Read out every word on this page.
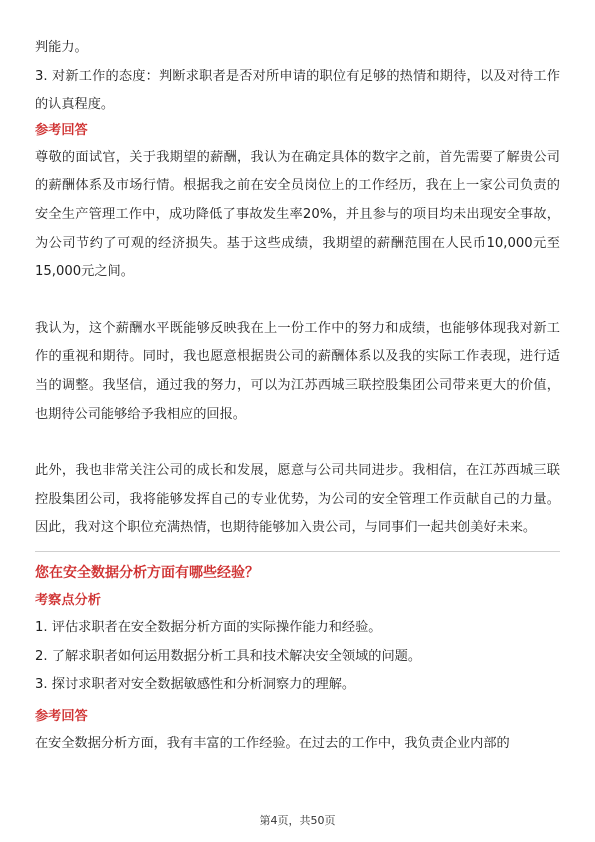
判能力。

3. 对新工作的态度：判断求职者是否对所申请的职位有足够的热情和期待，以及对待工作的认真程度。

参考回答

尊敬的面试官，关于我期望的薪酬，我认为在确定具体的数字之前，首先需要了解贵公司的薪酬体系及市场行情。根据我之前在安全员岗位上的工作经历，我在上一家公司负责的安全生产管理工作中，成功降低了事故发生率20%，并且参与的项目均未出现安全事故，为公司节约了可观的经济损失。基于这些成绩，我期望的薪酬范围在人民币10,000元至15,000元之间。

我认为，这个薪酬水平既能够反映我在上一份工作中的努力和成绩，也能够体现我对新工作的重视和期待。同时，我也愿意根据贵公司的薪酬体系以及我的实际工作表现，进行适当的调整。我坚信，通过我的努力，可以为江苏西城三联控股集团公司带来更大的价值，也期待公司能够给予我相应的回报。

此外，我也非常关注公司的成长和发展，愿意与公司共同进步。我相信，在江苏西城三联控股集团公司，我将能够发挥自己的专业优势，为公司的安全管理工作贡献自己的力量。因此，我对这个职位充满热情，也期待能够加入贵公司，与同事们一起共创美好未来。

您在安全数据分析方面有哪些经验？
考察点分析

1. 评估求职者在安全数据分析方面的实际操作能力和经验。

2. 了解求职者如何运用数据分析工具和技术解决安全领域的问题。

3. 探讨求职者对安全数据敏感性和分析洞察力的理解。

参考回答

在安全数据分析方面，我有丰富的工作经验。在过去的工作中，我负责企业内部的

第4页，共50页
